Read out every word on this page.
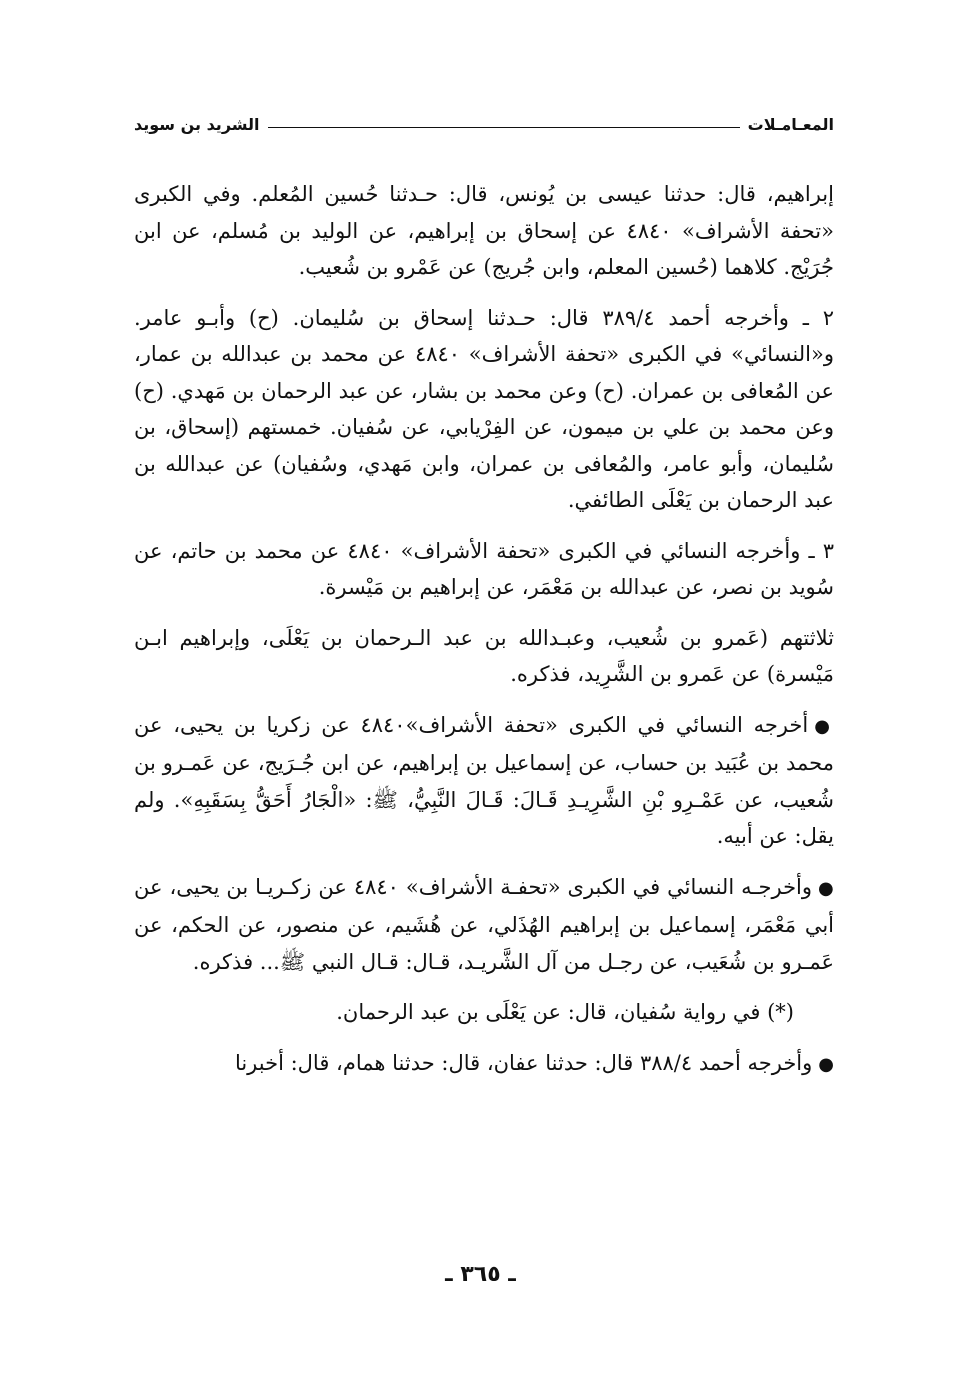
المعـامـلات
الشريد بن سويد

إبراهيم، قال: حدثنا عيسى بن يُونس، قال: حـدثنا حُسين المُعلم. وفي الكبرى «تحفة الأشراف» ٤٨٤٠ عن إسحاق بن إبراهيم، عن الوليد بن مُسلم، عن ابن جُرَيْج. كلاهما (حُسين المعلم، وابن جُريج) عن عَمْرو بن شُعيب.

٢ ـ وأخرجه أحمد ٣٨٩/٤ قال: حـدثنا إسحاق بن سُليمان. (ح) وأبـو عامر. و«النسائي» في الكبرى «تحفة الأشراف» ٤٨٤٠ عن محمد بن عبدالله بن عمار، عن المُعافى بن عمران. (ح) وعن محمد بن بشار، عن عبد الرحمان بن مَهدي. (ح) وعن محمد بن علي بن ميمون، عن الفِرْيابي، عن سُفيان. خمستهم (إسحاق، بن سُليمان، وأبو عامر، والمُعافى بن عمران، وابن مَهدي، وسُفيان) عن عبدالله بن عبد الرحمان بن يَعْلَى الطائفي.

٣ ـ وأخرجه النسائي في الكبرى «تحفة الأشراف» ٤٨٤٠ عن محمد بن حاتم، عن سُويد بن نصر، عن عبدالله بن مَعْمَر، عن إبراهيم بن مَيْسرة.

ثلاثتهم (عَمرو بن شُعيب، وعبـدالله بن عبد الـرحمان بن يَعْلَى، وإبراهيم ابـن مَيْسرة) عن عَمرو بن الشَّرِيد، فذكره.

●أخرجه النسائي في الكبرى «تحفة الأشراف»٤٨٤٠ عن زكريا بن يحيى، عن محمد بن عُبَيد بن حساب، عن إسماعيل بن إبراهيم، عن ابن جُـرَيج، عن عَمـرو بن شُعيب، عن عَمْـرِو بْنِ الشَّرِيـدِ قَـالَ: قَـالَ النَّبِيُّ، ﷺ: «الْجَارُ أَحَقُّ بِسَقَبِهِ». ولم يقل: عن أبيه.

●وأخرجـه النسائي في الكبرى «تحفـة الأشراف» ٤٨٤٠ عن زكـريـا بن يحيى، عن أبي مَعْمَر، إسماعيل بن إبراهيم الهُذَلي، عن هُشَيم، عن منصور، عن الحكم، عن عَمـرو بن شُعَيب، عن رجـل من آل الشَّريـد، قـال: قـال النبي ﷺ... فذكره.

(*) في رواية سُفيان، قال: عن يَعْلَى بن عبد الرحمان.

●وأخرجه أحمد ٣٨٨/٤ قال: حدثنا عفان، قال: حدثنا همام، قال: أخبرنا

ـ ٣٦٥ ـ
